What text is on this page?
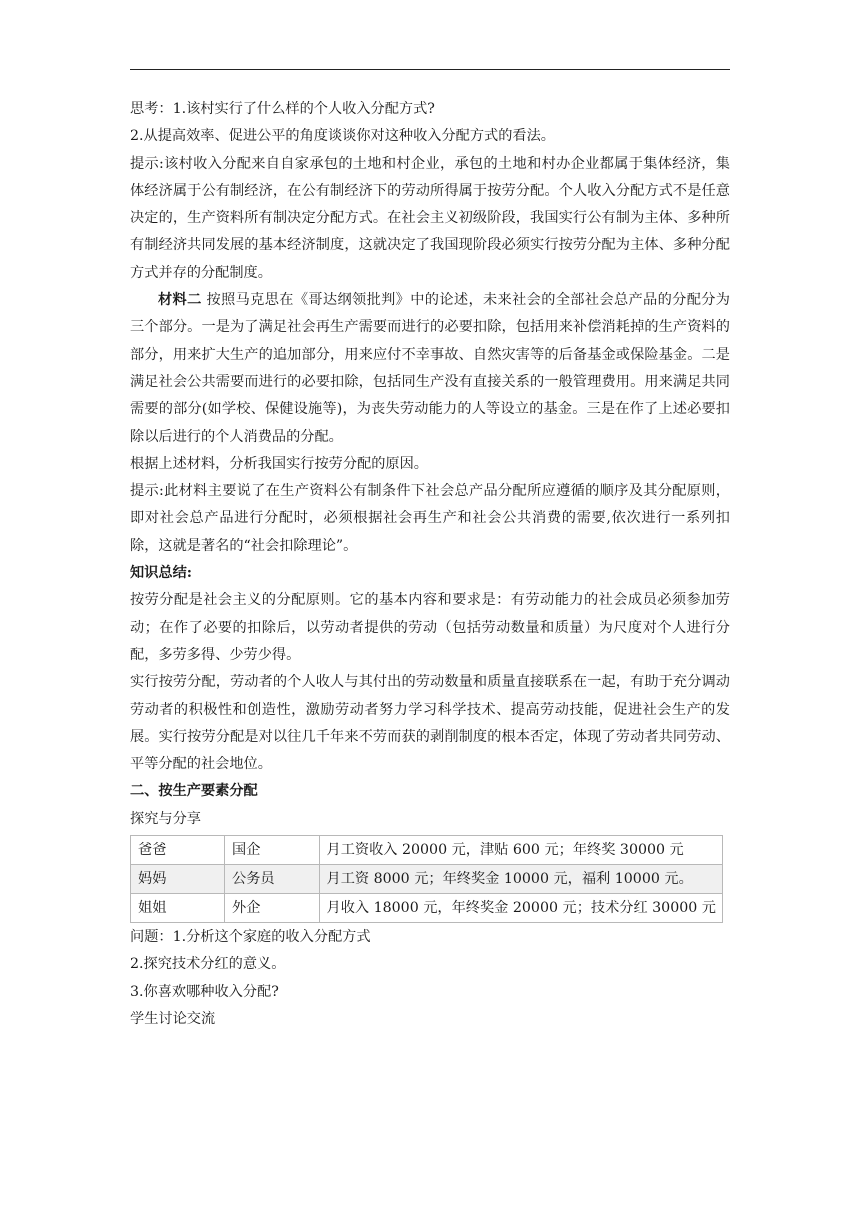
思考：1.该村实行了什么样的个人收入分配方式?

2.从提高效率、促进公平的角度谈谈你对这种收入分配方式的看法。

提示:该村收入分配来自自家承包的土地和村企业，承包的土地和村办企业都属于集体经济，集体经济属于公有制经济，在公有制经济下的劳动所得属于按劳分配。个人收入分配方式不是任意决定的，生产资料所有制决定分配方式。在社会主义初级阶段，我国实行公有制为主体、多种所有制经济共同发展的基本经济制度，这就决定了我国现阶段必须实行按劳分配为主体、多种分配方式并存的分配制度。

材料二 按照马克思在《哥达纲领批判》中的论述，未来社会的全部社会总产品的分配分为三个部分。一是为了满足社会再生产需要而进行的必要扣除，包括用来补偿消耗掉的生产资料的部分，用来扩大生产的追加部分，用来应付不幸事故、自然灾害等的后备基金或保险基金。二是满足社会公共需要而进行的必要扣除，包括同生产没有直接关系的一般管理费用。用来满足共同需要的部分(如学校、保健设施等)，为丧失劳动能力的人等设立的基金。三是在作了上述必要扣除以后进行的个人消费品的分配。

根据上述材料，分析我国实行按劳分配的原因。

提示:此材料主要说了在生产资料公有制条件下社会总产品分配所应遵循的顺序及其分配原则，即对社会总产品进行分配时，必须根据社会再生产和社会公共消费的需要,依次进行一系列扣除，这就是著名的“社会扣除理论”。

知识总结:

按劳分配是社会主义的分配原则。它的基本内容和要求是：有劳动能力的社会成员必须参加劳动；在作了必要的扣除后，以劳动者提供的劳动（包括劳动数量和质量）为尺度对个人进行分配，多劳多得、少劳少得。

实行按劳分配，劳动者的个人收人与其付出的劳动数量和质量直接联系在一起，有助于充分调动劳动者的积极性和创造性，激励劳动者努力学习科学技术、提高劳动技能，促进社会生产的发展。实行按劳分配是对以往几千年来不劳而获的剥削制度的根本否定，体现了劳动者共同劳动、平等分配的社会地位。

二、按生产要素分配

探究与分享

爸爸	国企	月工资收入 20000 元，津贴 600 元；年终奖 30000 元
妈妈	公务员	月工资 8000 元；年终奖金 10000 元，福利 10000 元。
姐姐	外企	月收入 18000 元，年终奖金 20000 元；技术分红 30000 元

问题：1.分析这个家庭的收入分配方式

2.探究技术分红的意义。

3.你喜欢哪种收入分配?

学生讨论交流
